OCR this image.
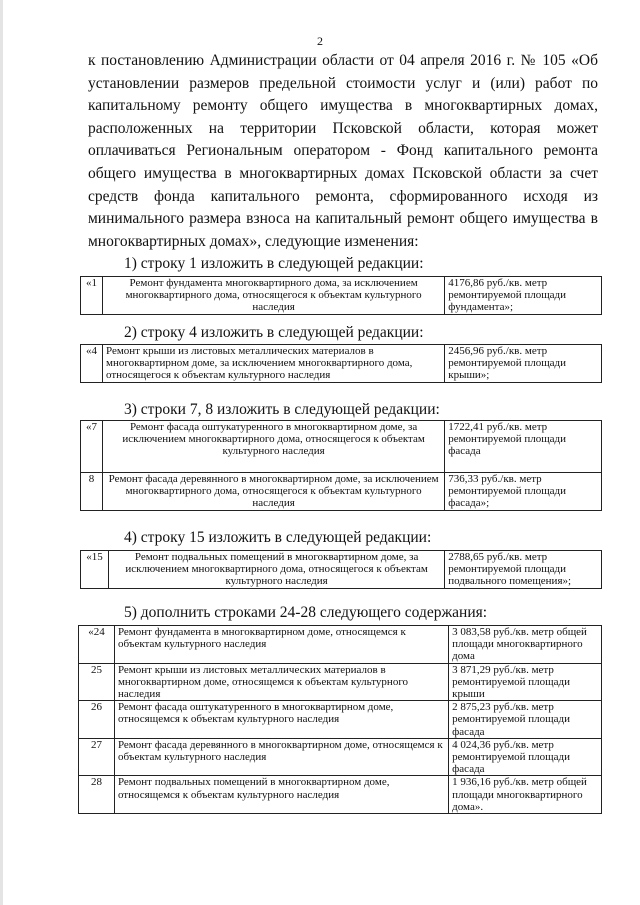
2
к постановлению Администрации области от 04 апреля 2016 г. № 105 «Об установлении размеров предельной стоимости услуг и (или) работ по капитальному ремонту общего имущества в многоквартирных домах, расположенных на территории Псковской области, которая может оплачиваться Региональным оператором - Фонд капитального ремонта общего имущества в многоквартирных домах Псковской области за счет средств фонда капитального ремонта, сформированного исходя из минимального размера взноса на капитальный ремонт общего имущества в многоквартирных домах», следующие изменения:
1) строку 1 изложить в следующей редакции:
«1	Ремонт фундамента многоквартирного дома, за исключением многоквартирного дома, относящегося к объектам культурного наследия	4176,86 руб./кв. метр ремонтируемой площади фундамента»;
2) строку 4 изложить в следующей редакции:
«4	Ремонт крыши из листовых металлических материалов в многоквартирном доме, за исключением многоквартирного дома, относящегося к объектам культурного наследия	2456,96 руб./кв. метр ремонтируемой площади крыши»;
3) строки 7, 8 изложить в следующей редакции:
«7	Ремонт фасада оштукатуренного в многоквартирном доме, за исключением многоквартирного дома, относящегося к объектам культурного наследия	1722,41 руб./кв. метр ремонтируемой площади фасада
8	Ремонт фасада деревянного в многоквартирном доме, за исключением многоквартирного дома, относящегося к объектам культурного наследия	736,33 руб./кв. метр ремонтируемой площади фасада»;
4) строку 15 изложить в следующей редакции:
«15	Ремонт подвальных помещений в многоквартирном доме, за исключением многоквартирного дома, относящегося к объектам культурного наследия	2788,65 руб./кв. метр ремонтируемой площади подвального помещения»;
5) дополнить строками 24-28 следующего содержания:
«24	Ремонт фундамента в многоквартирном доме, относящемся к объектам культурного наследия	3 083,58 руб./кв. метр общей площади многоквартирного дома
25	Ремонт крыши из листовых металлических материалов в многоквартирном доме, относящемся к объектам культурного наследия	3 871,29 руб./кв. метр ремонтируемой площади крыши
26	Ремонт фасада оштукатуренного в многоквартирном доме, относящемся к объектам культурного наследия	2 875,23 руб./кв. метр ремонтируемой площади фасада
27	Ремонт фасада деревянного в многоквартирном доме, относящемся к объектам культурного наследия	4 024,36 руб./кв. метр ремонтируемой площади фасада
28	Ремонт подвальных помещений в многоквартирном доме, относящемся к объектам культурного наследия	1 936,16 руб./кв. метр общей площади многоквартирного дома».
